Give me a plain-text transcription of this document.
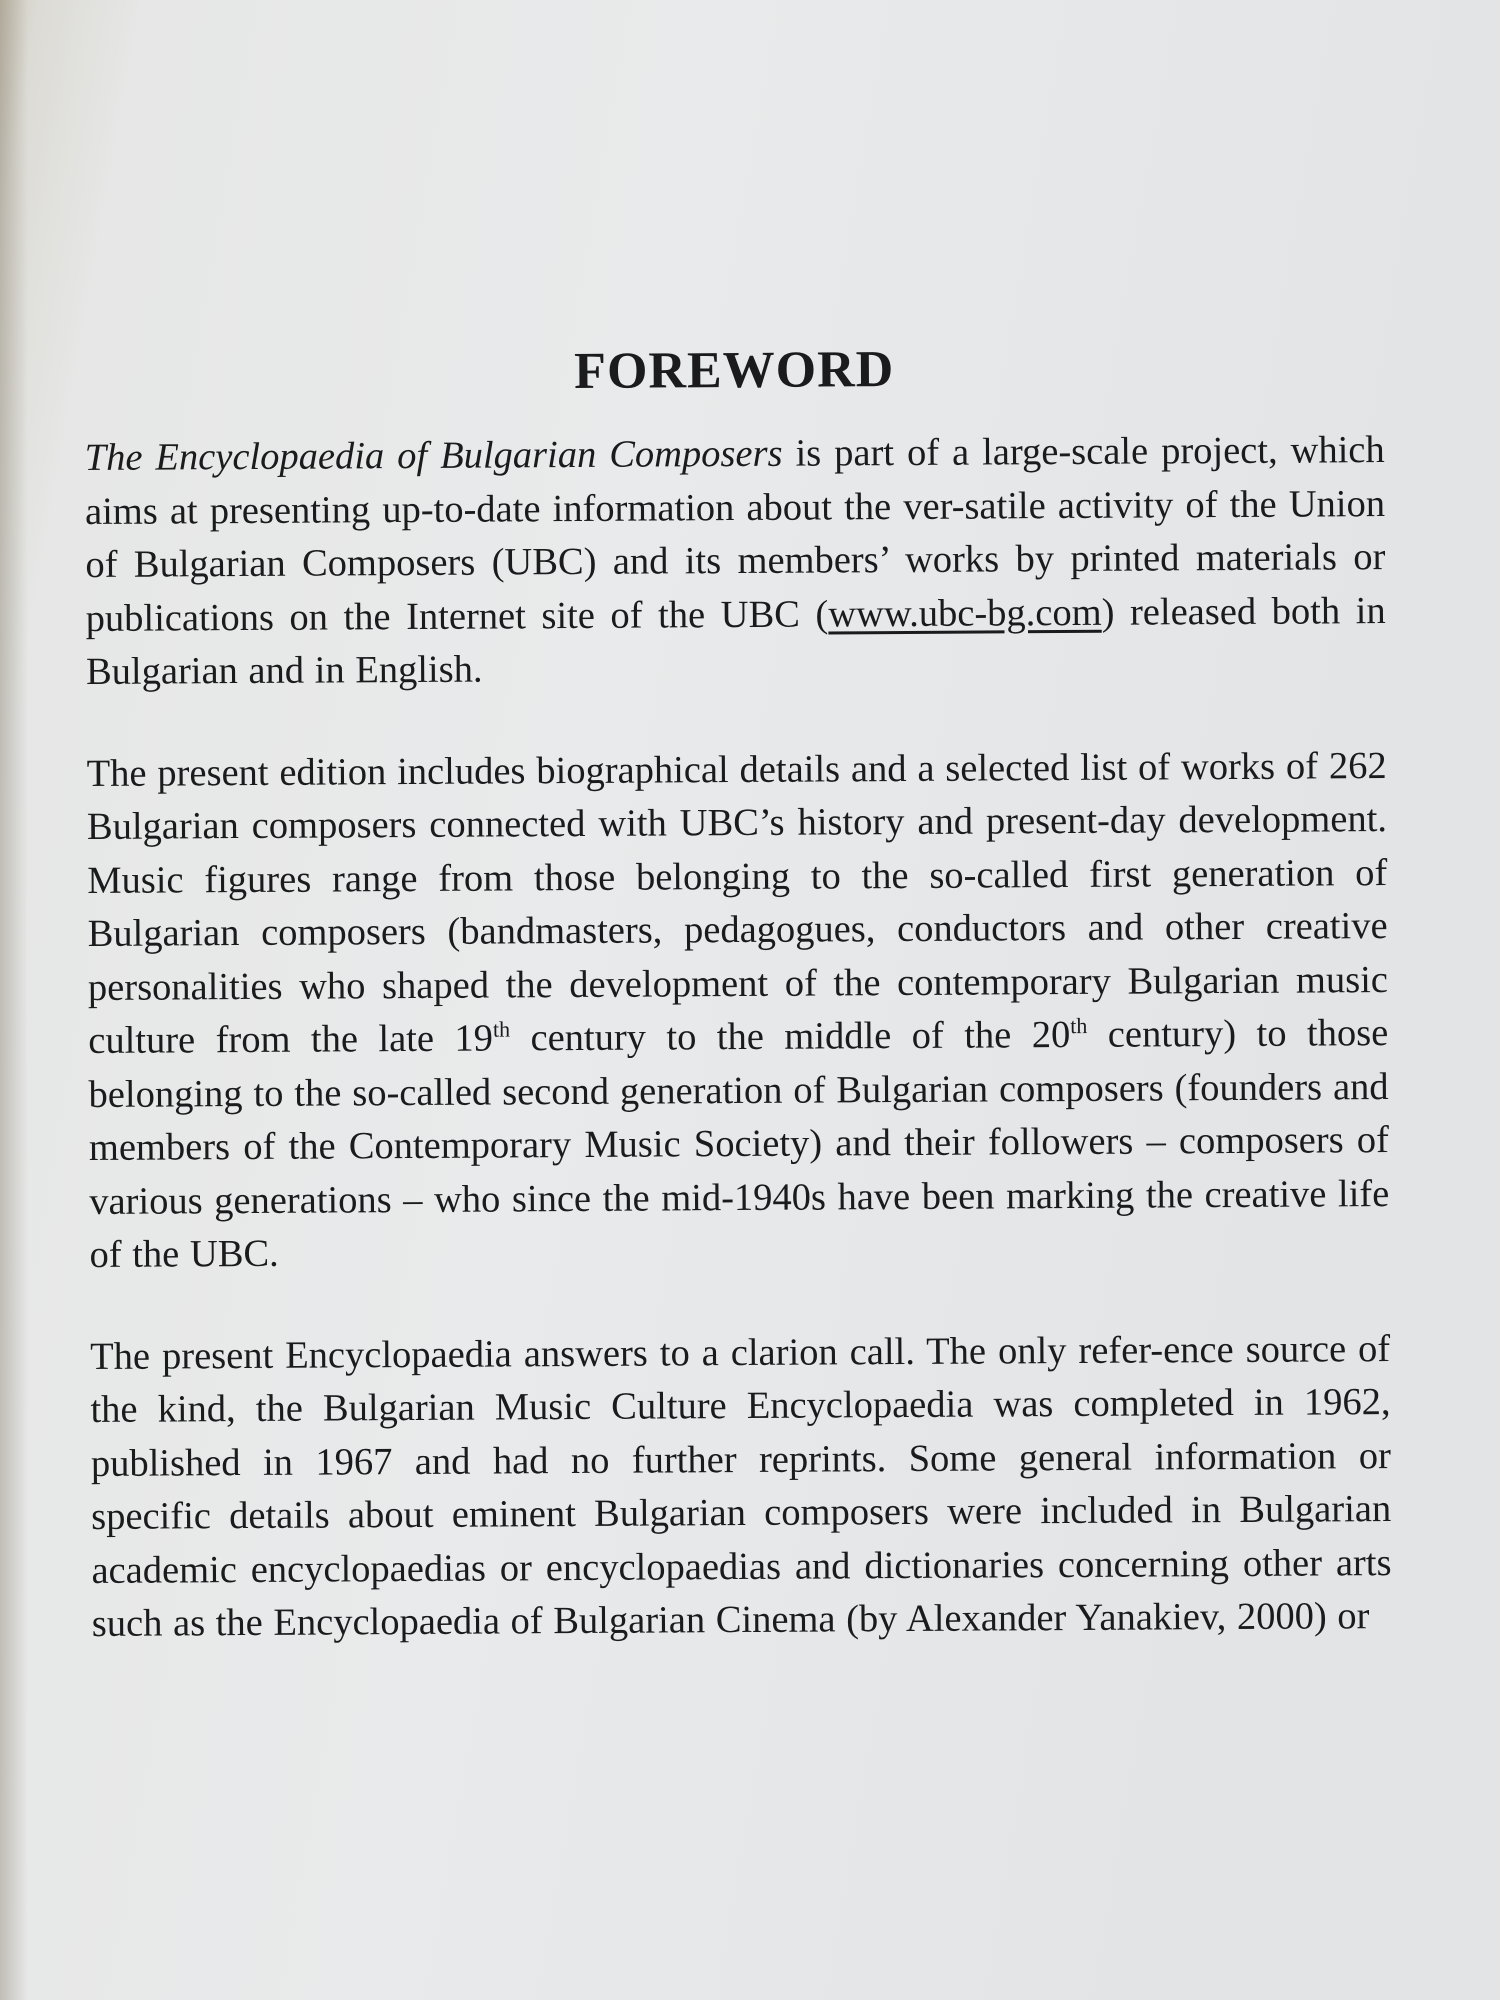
FOREWORD

The Encyclopaedia of Bulgarian Composers is part of a large-scale project, which aims at presenting up-to-date information about the ver-satile activity of the Union of Bulgarian Composers (UBC) and its members’ works by printed materials or publications on the Internet site of the UBC (www.ubc-bg.com) released both in Bulgarian and in English.

The present edition includes biographical details and a selected list of works of 262 Bulgarian composers connected with UBC’s history and present-day development. Music figures range from those belonging to the so-called first generation of Bulgarian composers (bandmasters, pedagogues, conductors and other creative personalities who shaped the development of the contemporary Bulgarian music culture from the late 19th century to the middle of the 20th century) to those belonging to the so-called second generation of Bulgarian composers (founders and members of the Contemporary Music Society) and their followers – composers of various generations – who since the mid-1940s have been marking the creative life of the UBC.

The present Encyclopaedia answers to a clarion call. The only refer-ence source of the kind, the Bulgarian Music Culture Encyclopaedia was completed in 1962, published in 1967 and had no further reprints. Some general information or specific details about eminent Bulgarian composers were included in Bulgarian academic encyclopaedias or encyclopaedias and dictionaries concerning other arts such as the Encyclopaedia of Bulgarian Cinema (by Alexander Yanakiev, 2000) or
